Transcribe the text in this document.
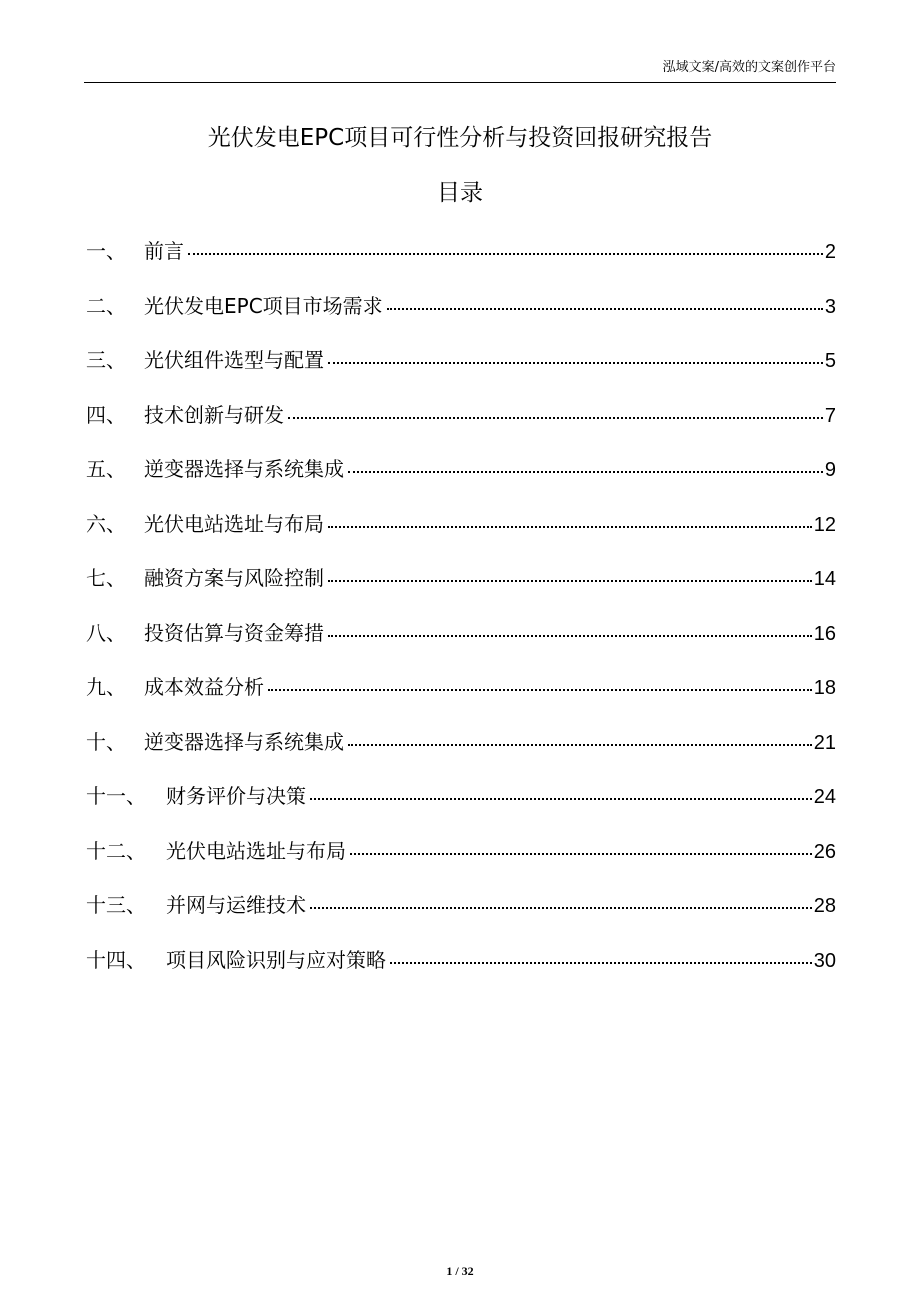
泓域文案/高效的文案创作平台
光伏发电EPC项目可行性分析与投资回报研究报告
目录
一、 前言	2
二、 光伏发电EPC项目市场需求	3
三、 光伏组件选型与配置	5
四、 技术创新与研发	7
五、 逆变器选择与系统集成	9
六、 光伏电站选址与布局	12
七、 融资方案与风险控制	14
八、 投资估算与资金筹措	16
九、 成本效益分析	18
十、 逆变器选择与系统集成	21
十一、	财务评价与决策	24
十二、	光伏电站选址与布局	26
十三、	并网与运维技术	28
十四、	项目风险识别与应对策略	30
1 / 32
